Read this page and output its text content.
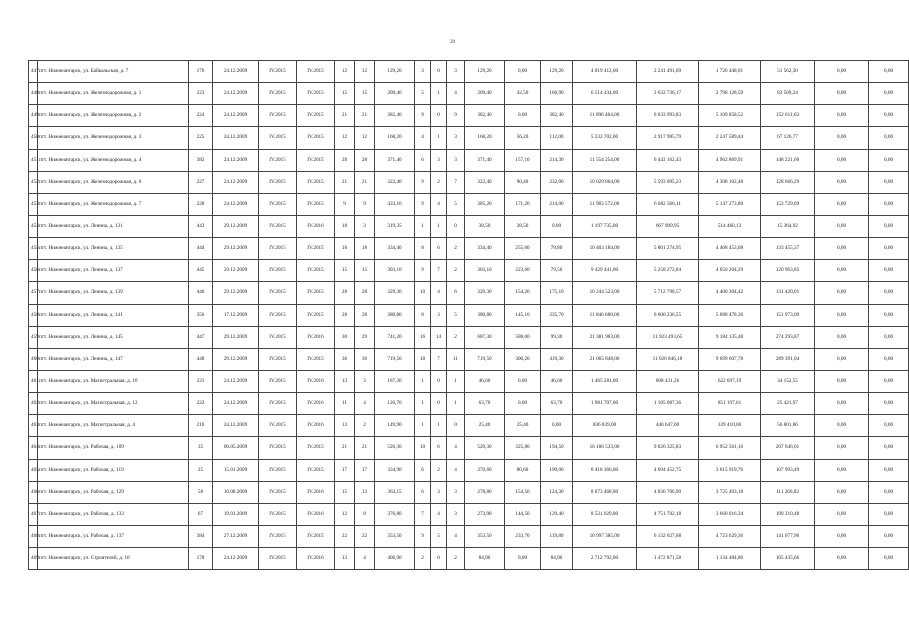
20
447	пгт. Нижнеангарск, ул. Байкальская, д. 7	176	24.12.2009	IV.2015	IV.2015	12	12	129,20	3	0	3	129,20	0,00	129,20	4 019 412,00	2 241 491,69	1 726 448,01	51 562,30	0,00	0,00
448	пгт. Нижнеангарск, ул. Железнодорожная, д. 1	223	24.12.2009	IV.2015	IV.2015	15	15	209,40	5	1	4	209,40	42,50	166,90	6 514 434,00	3 632 736,17	2 798 128,59	83 569,24	0,00	0,00
449	пгт. Нижнеангарск, ул. Железнодорожная, д. 2	224	24.12.2009	IV.2015	IV.2015	21	21	382,40	9	0	9	382,40	0,00	382,40	11 896 464,00	6 633 993,83	5 109 858,52	152 611,63	0,00	0,00
450	пгт. Нижнеангарск, ул. Железнодорожная, д. 3	225	24.12.2009	IV.2015	IV.2015	12	12	168,20	4	1	3	168,20	56,20	112,00	5 232 702,00	2 917 985,79	2 247 589,44	67 126,77	0,00	0,00
451	пгт. Нижнеангарск, ул. Железнодорожная, д. 4	382	24.12.2009	IV.2015	IV.2015	28	28	371,40	6	3	3	371,40	157,10	214,30	11 554 254,00	6 443 162,43	4 962 869,91	148 221,66	0,00	0,00
452	пгт. Нижнеангарск, ул. Железнодорожная, д. 6	227	24.12.2009	IV.2015	IV.2015	21	21	322,40	9	2	7	322,40	90,40	232,00	10 029 864,00	5 593 095,23	4 308 102,48	128 666,29	0,00	0,00
453	пгт. Нижнеангарск, ул. Железнодорожная, д. 7	228	24.12.2009	IV.2015	IV.2015	9	9	433,10	9	4	5	385,20	171,20	214,00	11 983 572,00	6 682 566,11	5 147 273,80	153 729,09	0,00	0,00
454	пгт. Нижнеангарск, ул. Ленина, д. 131	443	29.12.2009	IV.2015	IV.2016	18	3	319,35	1	1	0	38,50	38,50	0,00	1 197 735,00	667 909,95	514 460,13	15 364,92	0,00	0,00
455	пгт. Нижнеангарск, ул. Ленина, д. 135	444	29.12.2009	IV.2015	IV.2015	18	18	334,40	8	6	2	334,40	255,60	78,80	10 403 184,00	5 801 274,95	4 468 453,68	133 455,37	0,00	0,00
456	пгт. Нижнеангарск, ул. Ленина, д. 137	445	29.12.2009	IV.2015	IV.2015	15	15	303,10	9	7	2	303,10	223,60	79,50	9 429 441,00	5 258 272,84	4 050 204,29	120 963,85	0,00	0,00
457	пгт. Нижнеангарск, ул. Ленина, д. 139	446	29.12.2009	IV.2015	IV.2015	28	28	329,30	10	4	6	329,30	154,20	175,10	10 244 523,00	5 712 798,57	4 400 304,42	131 420,01	0,00	0,00
458	пгт. Нижнеангарск, ул. Ленина, д. 141	356	17.12.2009	IV.2015	IV.2015	28	28	380,80	8	3	5	380,80	145,10	235,70	11 846 688,00	6 606 236,55	5 088 478,36	151 973,09	0,00	0,00
459	пгт. Нижнеангарск, ул. Ленина, д. 145	447	29.12.2009	IV.2015	IV.2016	30	29	741,20	16	14	2	687,30	588,00	99,30	21 381 903,00	11 923 493,65	9 184 135,48	274 293,87	0,00	0,00
460	пгт. Нижнеангарск, ул. Ленина, д. 147	448	29.12.2009	IV.2015	IV.2015	36	36	719,50	18	7	11	719,50	300,20	419,30	21 065 848,00	11 026 846,18	9 699 607,78	289 391,04	0,00	0,00
461	пгт. Нижнеангарск, ул. Магистральная, д. 10	221	24.12.2009	IV.2015	IV.2016	13	3	187,30	1	0	1	46,60	0,00	46,60	1 465 281,00	808 431,26	622 697,19	34 152,55	0,00	0,00
462	пгт. Нижнеангарск, ул. Магистральная, д. 12	222	24.12.2009	IV.2015	IV.2016	11	4	126,70	1	0	1	63,70	0,00	63,70	1 981 707,00	1 105 087,36	851 197,61	25 421,97	0,00	0,00
463	пгт. Нижнеангарск, ул. Магистральная, д. 4	216	24.12.2009	IV.2015	IV.2016	13	2	149,90	1	1	0	25,40	25,40	0,00	836 839,00	440 647,00	339 410,06	56 801,86	0,00	0,00
464	пгт. Нижнеангарск, ул. Рабочая, д. 109	35	06.05.2009	IV.2015	IV.2015	21	21	520,30	10	6	4	520,30	325,80	194,50	16 186 533,00	9 026 325,83	6 952 561,16	207 646,01	0,00	0,00
465	пгт. Нижнеангарск, ул. Рабочая, д. 119	25	15.01.2009	IV.2015	IV.2015	17	17	334,90	6	2	4	270,60	80,60	190,00	8 418 366,00	4 694 452,75	3 615 919,76	107 993,49	0,00	0,00
466	пгт. Нижнеангарск, ул. Рабочая, д. 129	58	10.08.2009	IV.2015	IV.2016	15	13	363,15	6	3	3	278,80	154,50	124,30	8 673 468,00	4 836 706,90	3 725 493,18	111 266,02	0,00	0,00
467	пгт. Нижнеангарск, ул. Рабочая, д. 133	67	19.01.2009	IV.2015	IV.2016	12	8	376,80	7	4	3	273,90	144,50	129,40	8 521 029,00	4 751 702,18	3 660 016,34	109 310,48	0,00	0,00
468	пгт. Нижнеангарск, ул. Рабочая, д. 137	384	27.12.2009	IV.2015	IV.2015	22	22	353,50	9	5	4	353,50	233,70	119,80	10 997 385,00	6 132 627,68	4 723 629,36	141 077,96	0,00	0,00
469	пгт. Нижнеангарск, ул. Строителей, д. 10	178	24.12.2009	IV.2015	IV.2016	13	4	406,90	2	0	2	84,90	0,00	84,90	2 712 792,00	1 472 871,58	1 134 484,80	105 435,66	0,00	0,00
